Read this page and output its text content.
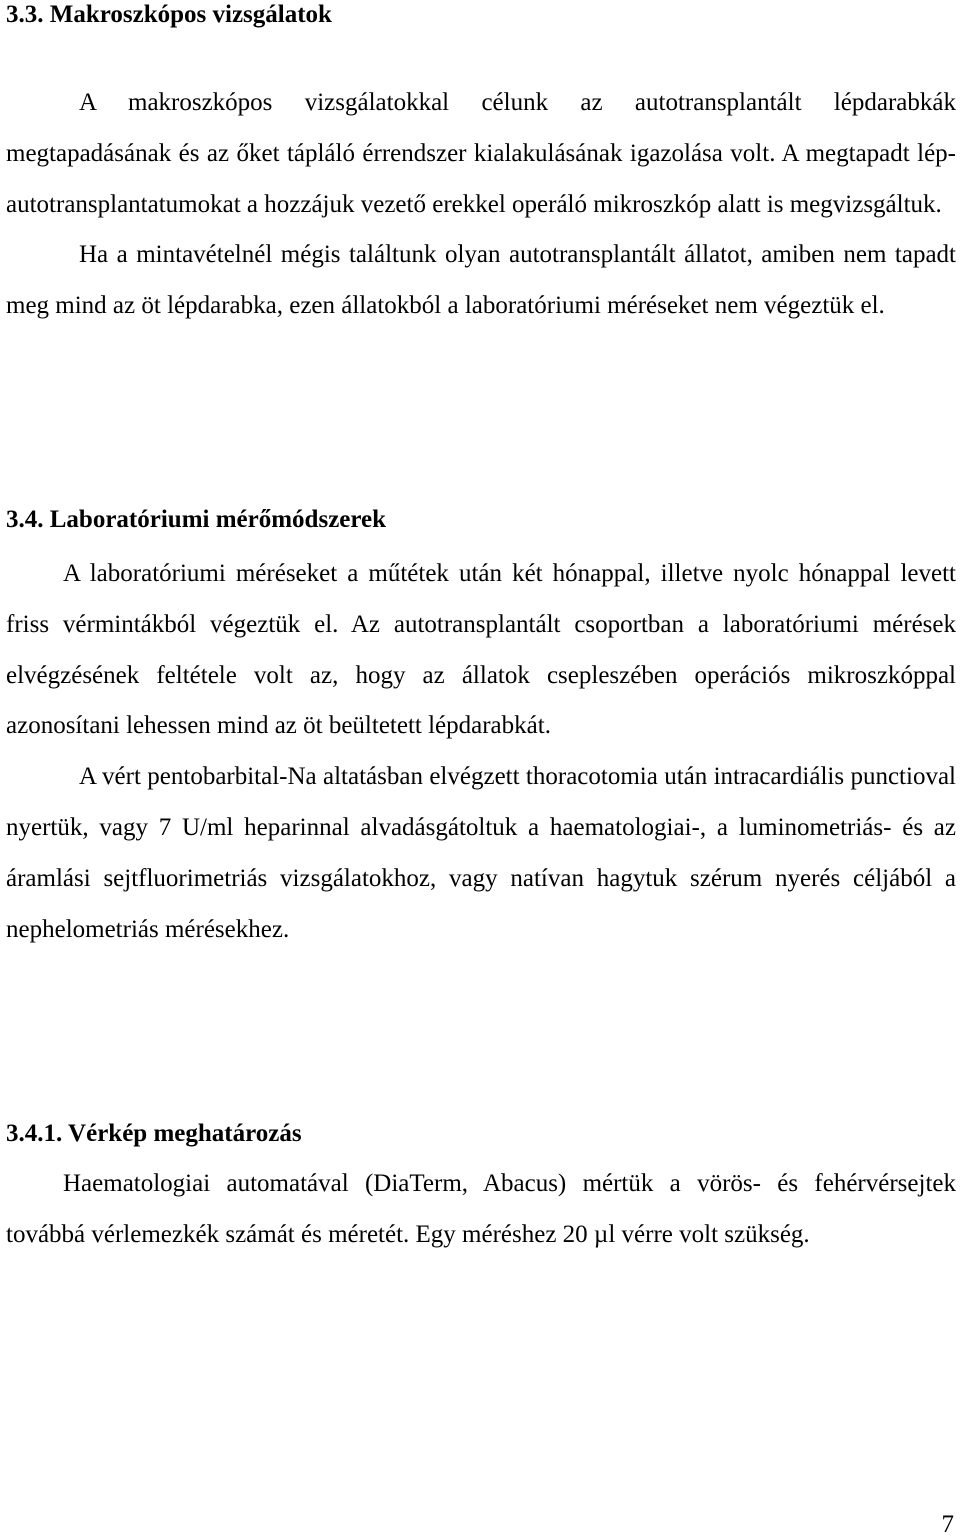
3.3. Makroszkópos vizsgálatok

A makroszkópos vizsgálatokkal célunk az autotransplantált lépdarabkák megtapadásának és az őket tápláló érrendszer kialakulásának igazolása volt. A megtapadt lép-autotransplantatumokat a hozzájuk vezető erekkel operáló mikroszkóp alatt is megvizsgáltuk.

Ha a mintavételnél mégis találtunk olyan autotransplantált állatot, amiben nem tapadt meg mind az öt lépdarabka, ezen állatokból a laboratóriumi méréseket nem végeztük el.

3.4. Laboratóriumi mérőmódszerek

A laboratóriumi méréseket a műtétek után két hónappal, illetve nyolc hónappal levett friss vérmintákból végeztük el. Az autotransplantált csoportban a laboratóriumi mérések elvégzésének feltétele volt az, hogy az állatok csepleszében operációs mikroszkóppal azonosítani lehessen mind az öt beültetett lépdarabkát.

A vért pentobarbital-Na altatásban elvégzett thoracotomia után intracardiális punctioval nyertük, vagy 7 U/ml heparinnal alvadásgátoltuk a haematologiai-, a luminometriás- és az áramlási sejtfluorimetriás vizsgálatokhoz, vagy natívan hagytuk szérum nyerés céljából a nephelometriás mérésekhez.

3.4.1. Vérkép meghatározás

Haematologiai automatával (DiaTerm, Abacus) mértük a vörös- és fehérvérsejtek továbbá vérlemezkék számát és méretét. Egy méréshez 20 µl vérre volt szükség.

7
